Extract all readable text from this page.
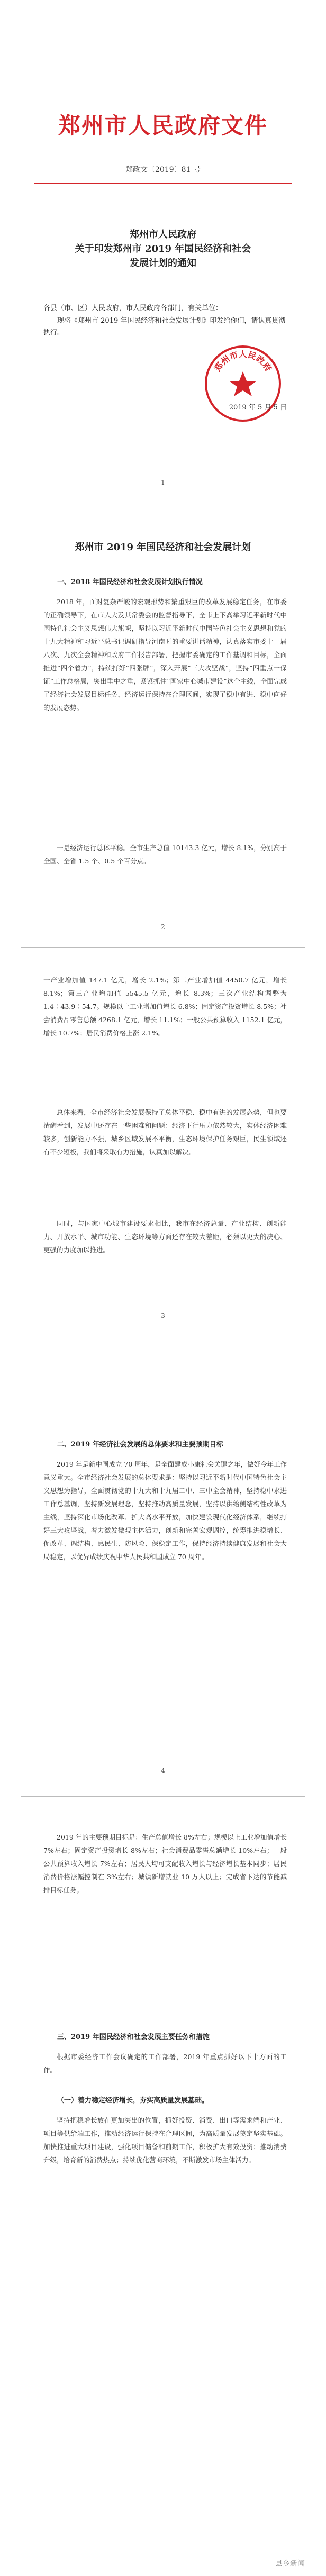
郑州市人民政府文件
郑政文〔2019〕81 号
郑州市人民政府
关于印发郑州市 2019 年国民经济和社会
发展计划的通知
各县（市、区）人民政府，市人民政府各部门，有关单位：
现将《郑州市 2019 年国民经济和社会发展计划》印发给你们，请认真贯彻执行。
郑州市人民政府
2019 年 5 月 5 日
— 1 —
郑州市 2019 年国民经济和社会发展计划
一、2018 年国民经济和社会发展计划执行情况
2018 年，面对复杂严峻的宏观形势和繁重艰巨的改革发展稳定任务，在市委的正确领导下，在市人大及其常委会的监督指导下，全市上下高举习近平新时代中国特色社会主义思想伟大旗帜，坚持以习近平新时代中国特色社会主义思想和党的十九大精神和习近平总书记调研指导河南时的重要讲话精神，认真落实市委十一届八次、九次全会精神和政府工作报告部署，把握市委确定的工作基调和目标，全面推进“四个着力”，持续打好“四张牌”，深入开展“三大攻坚战”，坚持“四重点一保证”工作总格局，突出重中之重，紧紧抓住“国家中心城市建设”这个主线，全面完成了经济社会发展目标任务，经济运行保持在合理区间，实现了稳中有进、稳中向好的发展态势。
一是经济运行总体平稳。全市生产总值 10143.3 亿元，增长 8.1%，分别高于全国、全省 1.5 个、0.5 个百分点。
— 2 —
一产业增加值 147.1 亿元，增长 2.1%；第二产业增加值 4450.7 亿元，增长 8.1%；第三产业增加值 5545.5 亿元，增长 8.3%；三次产业结构调整为 1.4∶43.9∶54.7。规模以上工业增加值增长 6.8%；固定资产投资增长 8.5%；社会消费品零售总额 4268.1 亿元，增长 11.1%；一般公共预算收入 1152.1 亿元，增长 10.7%；居民消费价格上涨 2.1%。
总体来看，全市经济社会发展保持了总体平稳、稳中有进的发展态势，但也要清醒看到，发展中还存在一些困难和问题：经济下行压力依然较大，实体经济困难较多，创新能力不强，城乡区域发展不平衡，生态环境保护任务艰巨，民生领域还有不少短板，我们将采取有力措施，认真加以解决。
同时，与国家中心城市建设要求相比，我市在经济总量、产业结构、创新能力、开放水平、城市功能、生态环境等方面还存在较大差距，必须以更大的决心、更强的力度加以推进。
— 3 —
二、2019 年经济社会发展的总体要求和主要预期目标
2019 年是新中国成立 70 周年，是全面建成小康社会关键之年，做好今年工作意义重大。全市经济社会发展的总体要求是：坚持以习近平新时代中国特色社会主义思想为指导，全面贯彻党的十九大和十九届二中、三中全会精神，坚持稳中求进工作总基调，坚持新发展理念，坚持推动高质量发展，坚持以供给侧结构性改革为主线，坚持深化市场化改革、扩大高水平开放，加快建设现代化经济体系，继续打好三大攻坚战，着力激发微观主体活力，创新和完善宏观调控，统筹推进稳增长、促改革、调结构、惠民生、防风险、保稳定工作，保持经济持续健康发展和社会大局稳定，以优异成绩庆祝中华人民共和国成立 70 周年。
— 4 —
2019 年的主要预期目标是：生产总值增长 8%左右；规模以上工业增加值增长 7%左右；固定资产投资增长 8%左右；社会消费品零售总额增长 10%左右；一般公共预算收入增长 7%左右；居民人均可支配收入增长与经济增长基本同步；居民消费价格涨幅控制在 3%左右；城镇新增就业 10 万人以上；完成省下达的节能减排目标任务。
三、2019 年国民经济和社会发展主要任务和措施
根据市委经济工作会议确定的工作部署，2019 年重点抓好以下十方面的工作。
（一）着力稳定经济增长，夯实高质量发展基础。
坚持把稳增长放在更加突出的位置，抓好投资、消费、出口等需求端和产业、项目等供给端工作，推动经济运行保持在合理区间，为高质量发展奠定坚实基础。加快推进重大项目建设，强化项目储备和前期工作，积极扩大有效投资；推动消费升级，培育新的消费热点；持续优化营商环境，不断激发市场主体活力。
县乡新闻
